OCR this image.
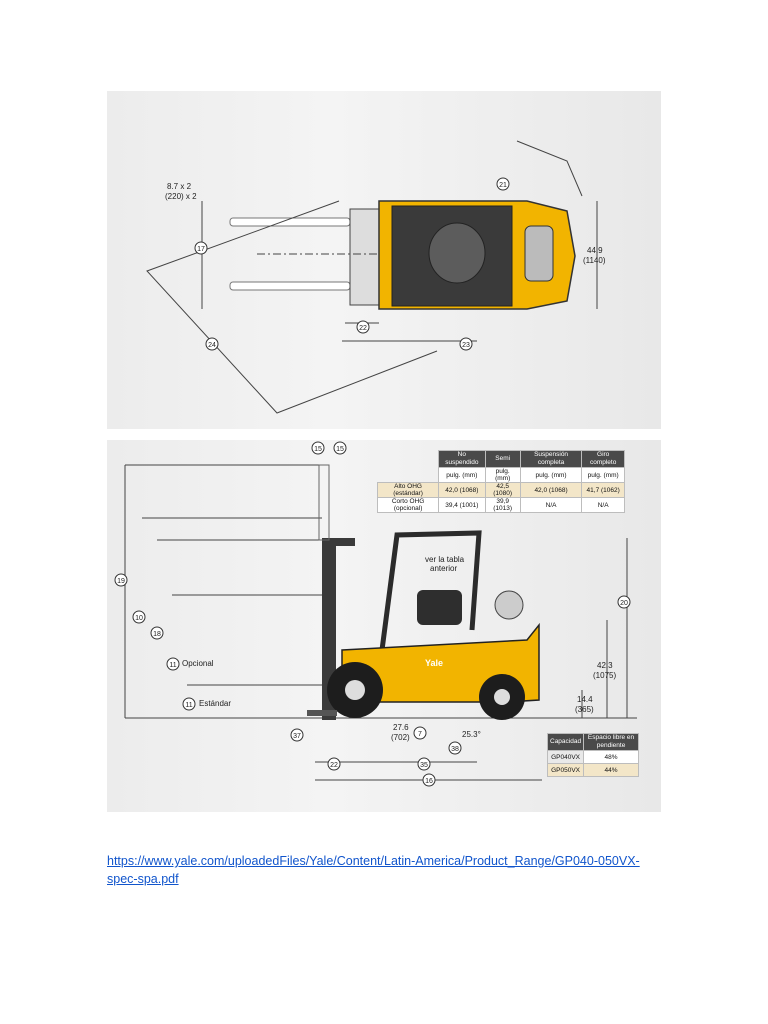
8.7 x 2
(220) x 2
44.9
(1140)
17
21
22
23
24
Yale
ver la tabla
anterior
Opcional
Estándar
42.3
(1075)
14.4
(365)
27.6
(702)	25.3°
15 15
19
10
18
11
11
20
37	7
38
22	35
16
	No suspendido	Semi	Suspensión completa	Giro completo
	pulg. (mm)	pulg. (mm)	pulg. (mm)	pulg. (mm)
Alto OHG (estándar)	42,0 (1068)	42,5 (1080)	42,0 (1068)	41,7 (1062)
Corto OHG (opcional)	39,4 (1001)	39,9 (1013)	N/A	N/A
Capacidad	Espacio libre en pendiente
GP040VX	48%
GP050VX	44%
https://www.yale.com/uploadedFiles/Yale/Content/Latin-America/Product_Range/GP040-050VX-spec-spa.pdf
